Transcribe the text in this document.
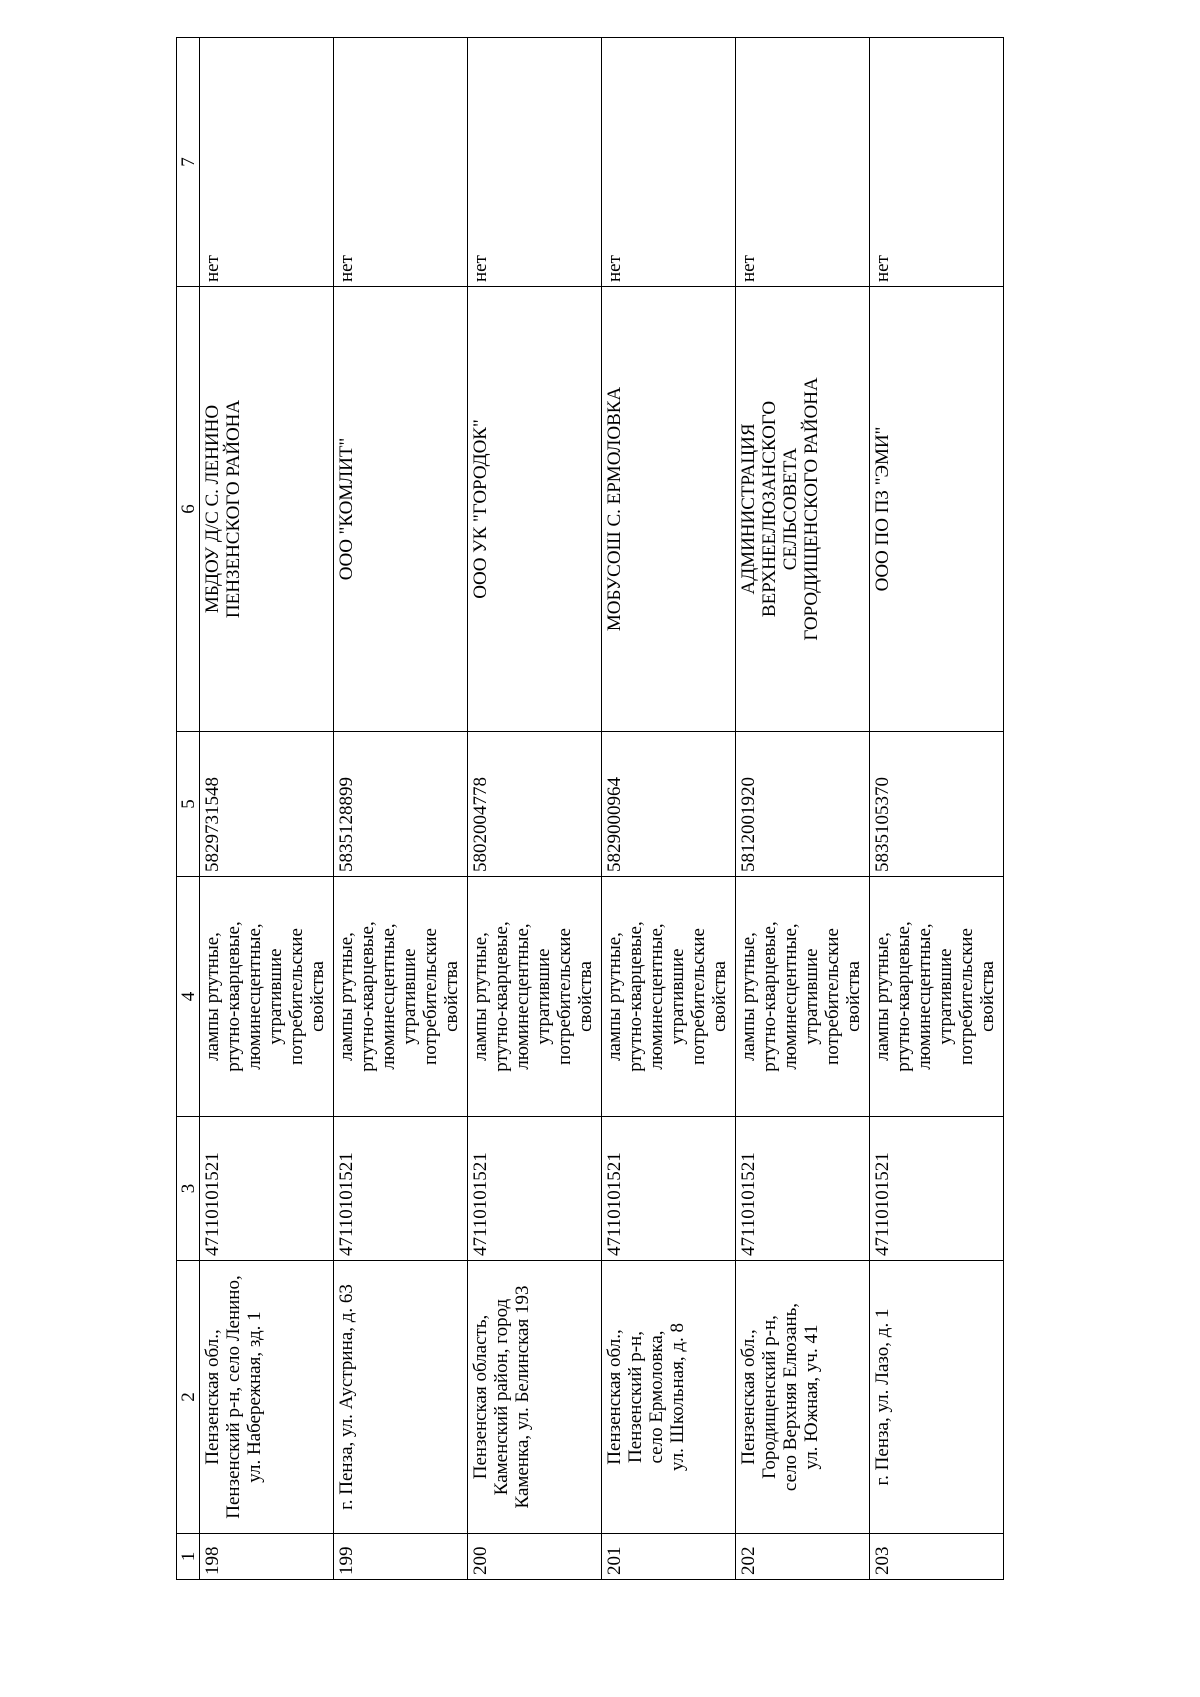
1	2	3	4	5	6	7
198	Пензенская обл.,
Пензенский р-н, село Ленино,
ул. Набережная, зд. 1	47110101521	лампы ртутные,
ртутно-кварцевые,
люминесцентные,
утратившие потребительские
свойства	5829731548	МБДОУ Д/С С. ЛЕНИНО
ПЕНЗЕНСКОГО РАЙОНА	нет
199	г. Пенза, ул. Аустрина, д. 63	47110101521	лампы ртутные,
ртутно-кварцевые,
люминесцентные,
утратившие потребительские
свойства	5835128899	ООО "КОМЛИТ"	нет
200	Пензенская область,
Каменский район, город
Каменка, ул. Белинская 193	47110101521	лампы ртутные,
ртутно-кварцевые,
люминесцентные,
утратившие потребительские
свойства	5802004778	ООО УК "ГОРОДОК"	нет
201	Пензенская обл.,
Пензенский р-н,
село Ермоловка,
ул. Школьная, д. 8	47110101521	лампы ртутные,
ртутно-кварцевые,
люминесцентные,
утратившие потребительские
свойства	5829000964	МОБУСОШ С. ЕРМОЛОВКА	нет
202	Пензенская обл.,
Городищенский р-н,
село Верхняя Елюзань,
ул. Южная, уч. 41	47110101521	лампы ртутные,
ртутно-кварцевые,
люминесцентные,
утратившие потребительские
свойства	5812001920	АДМИНИСТРАЦИЯ
ВЕРХНЕЕЛЮЗАНСКОГО
СЕЛЬСОВЕТА
ГОРОДИЩЕНСКОГО РАЙОНА	нет
203	г. Пенза, ул. Лазо, д. 1	47110101521	лампы ртутные,
ртутно-кварцевые,
люминесцентные,
утратившие потребительские
свойства	5835105370	ООО ПО ПЗ "ЭМИ"	нет
